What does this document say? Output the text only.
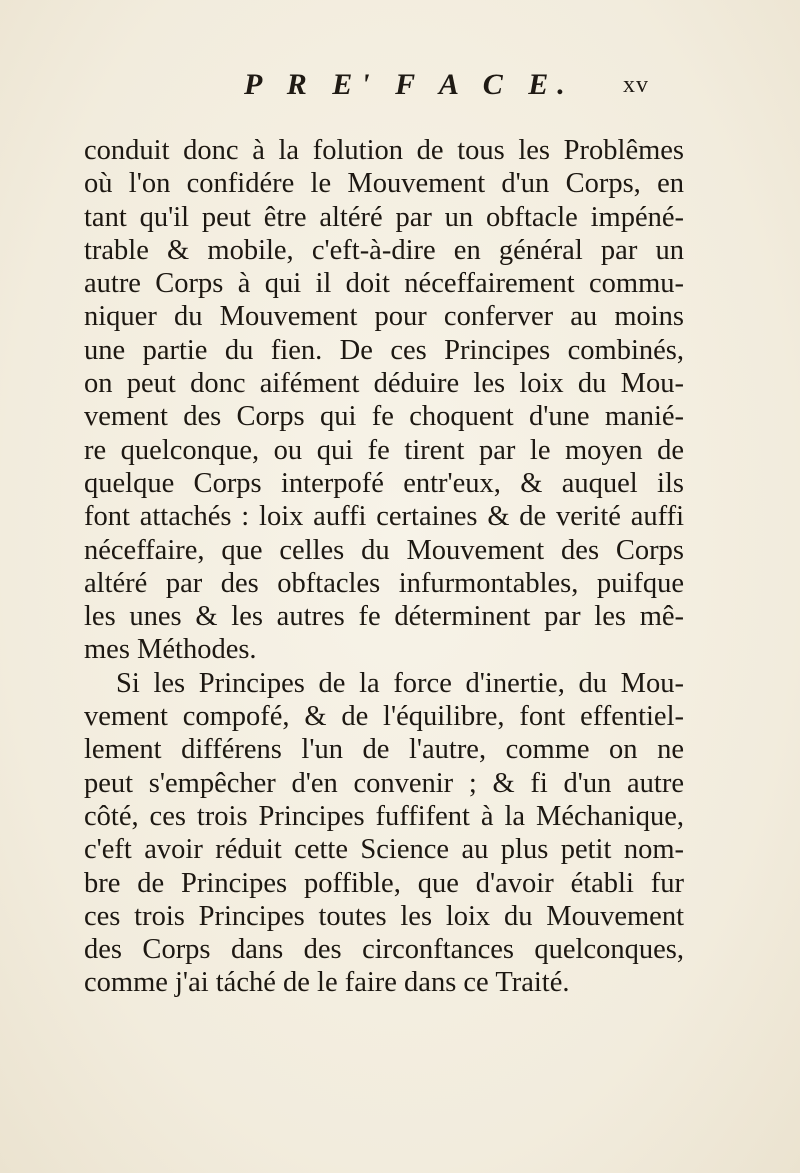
P R E' F A C E. xv
conduit donc à la folution de tous les Problêmes
où l'on confidére le Mouvement d'un Corps, en
tant qu'il peut être altéré par un obftacle impéné-
trable & mobile, c'eft-à-dire en général par un
autre Corps à qui il doit néceffairement commu-
niquer du Mouvement pour conferver au moins
une partie du fien. De ces Principes combinés,
on peut donc aifément déduire les loix du Mou-
vement des Corps qui fe choquent d'une manié-
re quelconque, ou qui fe tirent par le moyen de
quelque Corps interpofé entr'eux, & auquel ils
font attachés : loix auffi certaines & de verité auffi
néceffaire, que celles du Mouvement des Corps
altéré par des obftacles infurmontables, puifque
les unes & les autres fe déterminent par les mê-
mes Méthodes.
Si les Principes de la force d'inertie, du Mou-
vement compofé, & de l'équilibre, font effentiel-
lement différens l'un de l'autre, comme on ne
peut s'empêcher d'en convenir ; & fi d'un autre
côté, ces trois Principes fuffifent à la Méchanique,
c'eft avoir réduit cette Science au plus petit nom-
bre de Principes poffible, que d'avoir établi fur
ces trois Principes toutes les loix du Mouvement
des Corps dans des circonftances quelconques,
comme j'ai táché de le faire dans ce Traité.
